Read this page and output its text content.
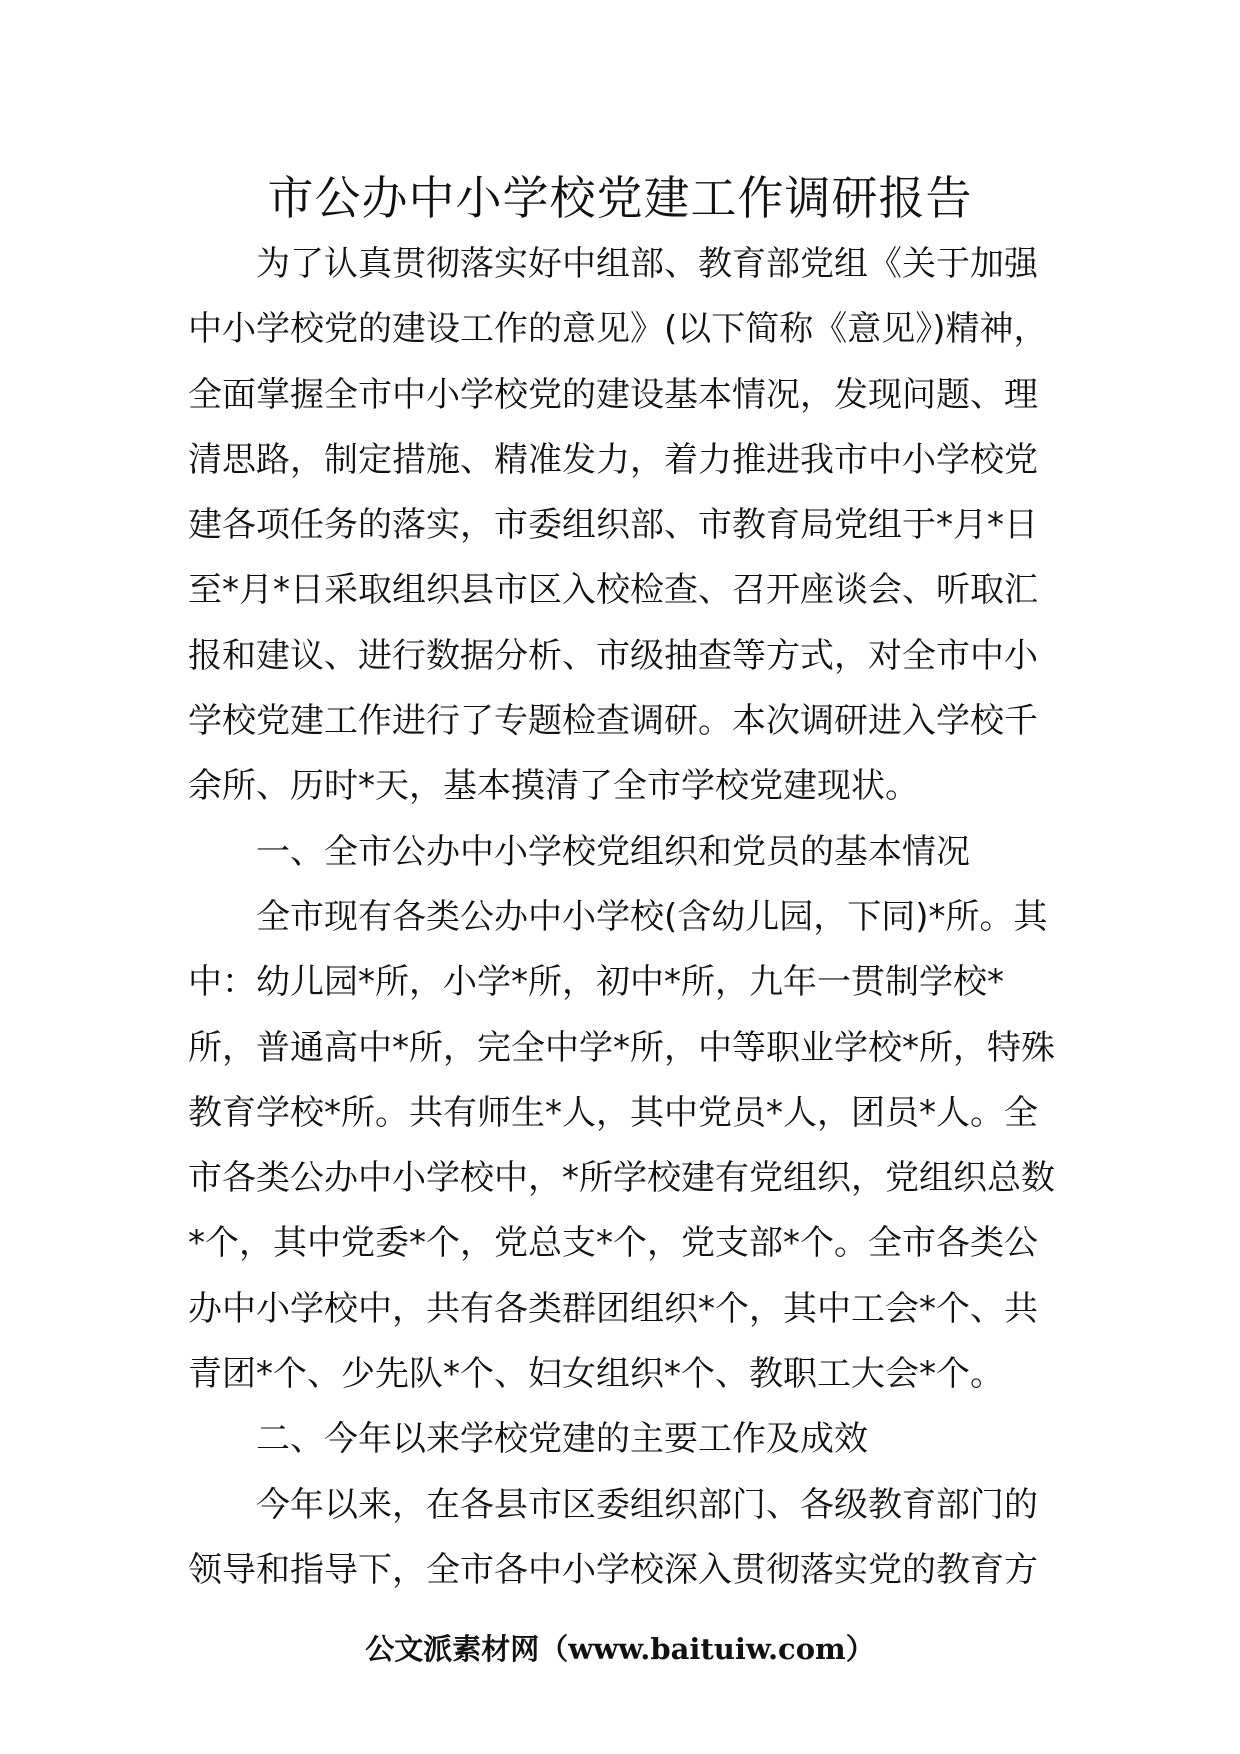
市公办中小学校党建工作调研报告
为了认真贯彻落实好中组部、教育部党组《关于加强
中小学校党的建设工作的意见》(以下简称《意见》)精神，
全面掌握全市中小学校党的建设基本情况，发现问题、理
清思路，制定措施、精准发力，着力推进我市中小学校党
建各项任务的落实，市委组织部、市教育局党组于*月*日
至*月*日采取组织县市区入校检查、召开座谈会、听取汇
报和建议、进行数据分析、市级抽查等方式，对全市中小
学校党建工作进行了专题检查调研。本次调研进入学校千
余所、历时*天，基本摸清了全市学校党建现状。
一、全市公办中小学校党组织和党员的基本情况
全市现有各类公办中小学校(含幼儿园，下同)*所。其
中：幼儿园*所，小学*所，初中*所，九年一贯制学校*
所，普通高中*所，完全中学*所，中等职业学校*所，特殊
教育学校*所。共有师生*人，其中党员*人，团员*人。全
市各类公办中小学校中，*所学校建有党组织，党组织总数
*个，其中党委*个，党总支*个，党支部*个。全市各类公
办中小学校中，共有各类群团组织*个，其中工会*个、共
青团*个、少先队*个、妇女组织*个、教职工大会*个。
二、今年以来学校党建的主要工作及成效
今年以来，在各县市区委组织部门、各级教育部门的
领导和指导下，全市各中小学校深入贯彻落实党的教育方
公文派素材网（www.baituiw.com）
